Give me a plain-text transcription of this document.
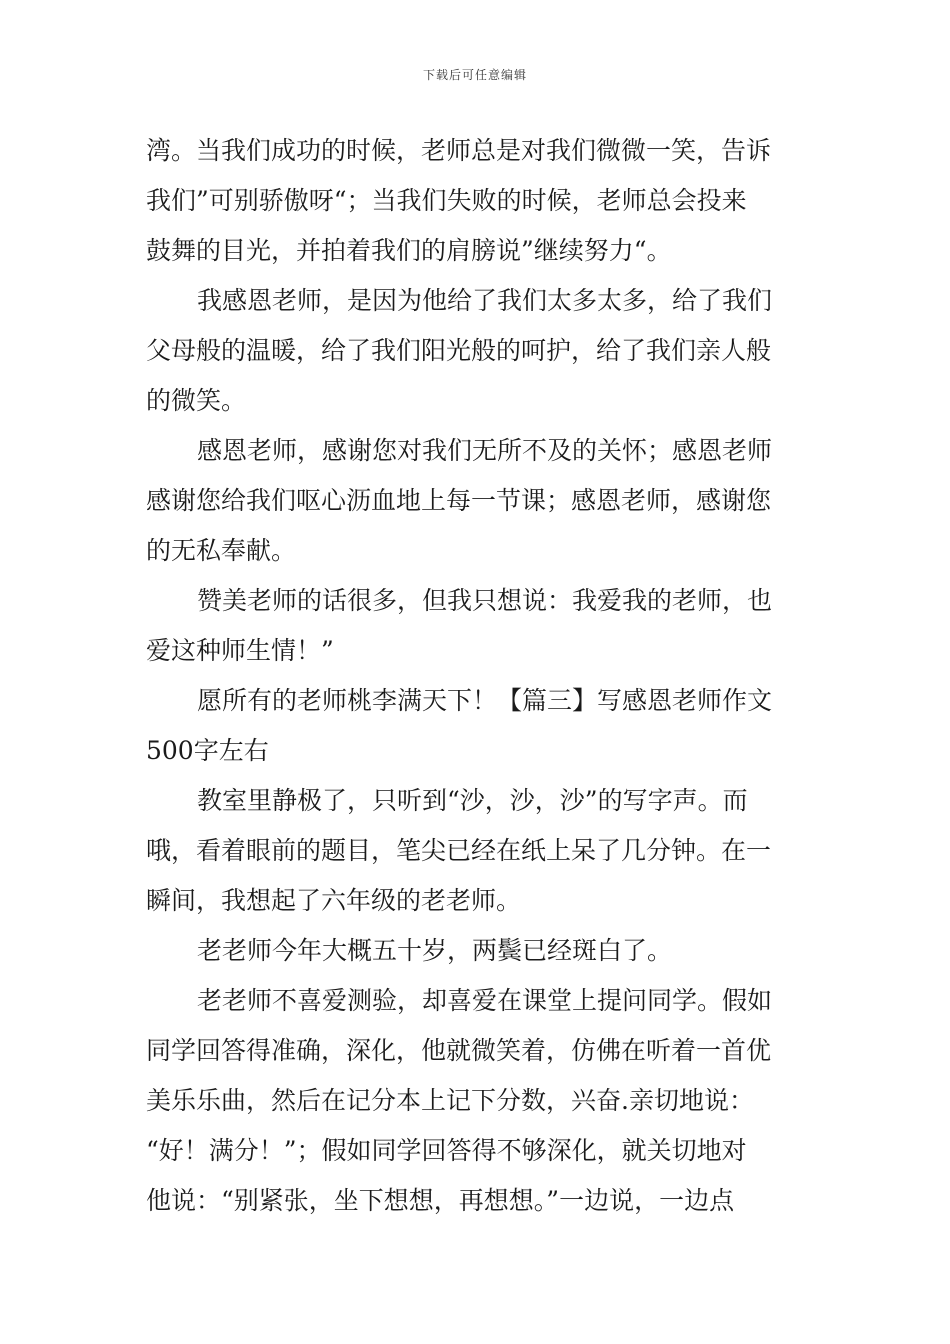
下载后可任意编辑
湾。当我们成功的时候，老师总是对我们微微一笑，告诉
我们”可别骄傲呀“；当我们失败的时候，老师总会投来
鼓舞的目光，并拍着我们的肩膀说”继续努力“。
我感恩老师，是因为他给了我们太多太多，给了我们
父母般的温暖，给了我们阳光般的呵护，给了我们亲人般
的微笑。
感恩老师，感谢您对我们无所不及的关怀；感恩老师
感谢您给我们呕心沥血地上每一节课；感恩老师，感谢您
的无私奉献。
赞美老师的话很多，但我只想说：我爱我的老师，也
爱这种师生情！”
愿所有的老师桃李满天下！【篇三】写感恩老师作文
500字左右
教室里静极了，只听到“沙，沙，沙”的写字声。而
哦，看着眼前的题目，笔尖已经在纸上呆了几分钟。在一
瞬间，我想起了六年级的老老师。
老老师今年大概五十岁，两鬓已经斑白了。
老老师不喜爱测验，却喜爱在课堂上提问同学。假如
同学回答得准确，深化，他就微笑着，仿佛在听着一首优
美乐乐曲，然后在记分本上记下分数，兴奋.亲切地说：
“好！满分！”；假如同学回答得不够深化，就关切地对
他说：“别紧张，坐下想想，再想想。”一边说，一边点
